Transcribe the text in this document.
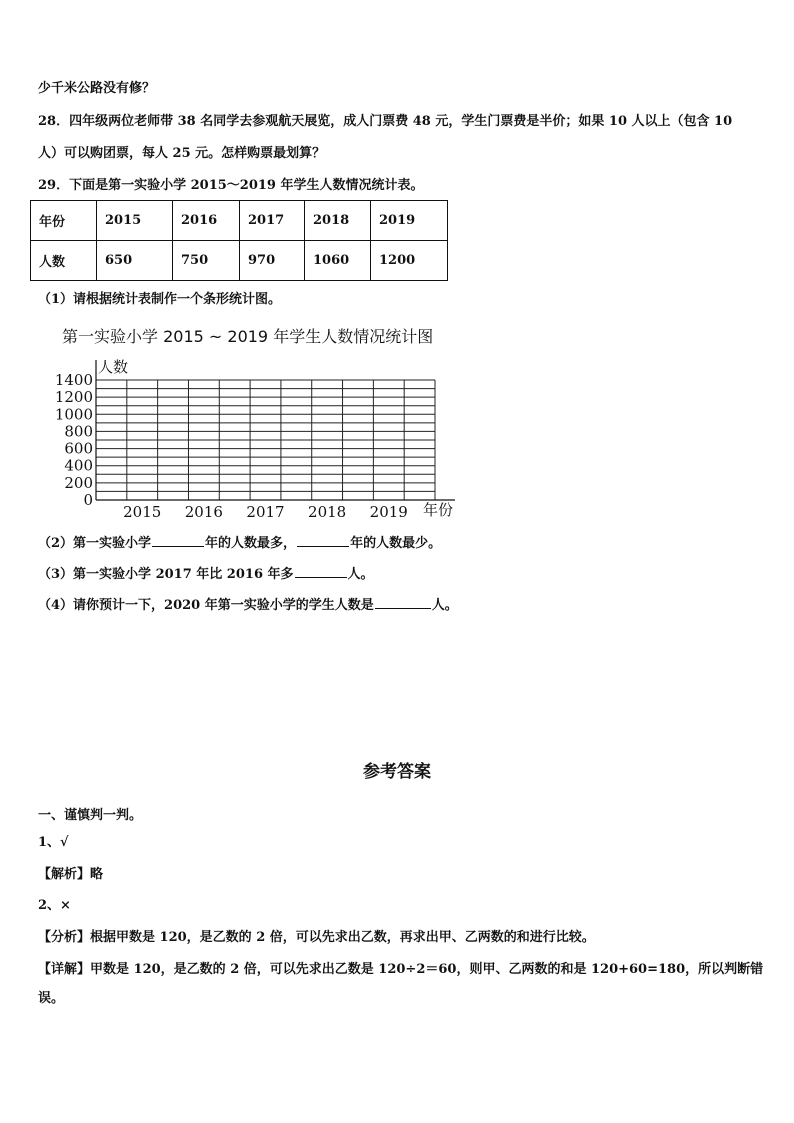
少千米公路没有修？
28．四年级两位老师带 38 名同学去参观航天展览，成人门票费 48 元，学生门票费是半价；如果 10 人以上（包含 10
人）可以购团票，每人 25 元。怎样购票最划算？
29．下面是第一实验小学 2015～2019 年学生人数情况统计表。
年份	2015	2016	2017	2018	2019
人数	650	750	970	1060	1200
（1）请根据统计表制作一个条形统计图。
第一实验小学 2015 ~ 2019 年学生人数情况统计图
0
200
400
600
800
1000
1200
1400
2015 2016 2017 2018 2019
人数
年份
（2）第一实验小学	年的人数最多，	年的人数最少。
（3）第一实验小学 2017 年比 2016 年多	人。
（4）请你预计一下，2020 年第一实验小学的学生人数是	人。
参考答案
一、谨慎判一判。
1、√
【解析】略
2、×
【分析】根据甲数是 120，是乙数的 2 倍，可以先求出乙数，再求出甲、乙两数的和进行比较。
【详解】甲数是 120，是乙数的 2 倍，可以先求出乙数是 120÷2＝60，则甲、乙两数的和是 120+60=180，所以判断错
误。
